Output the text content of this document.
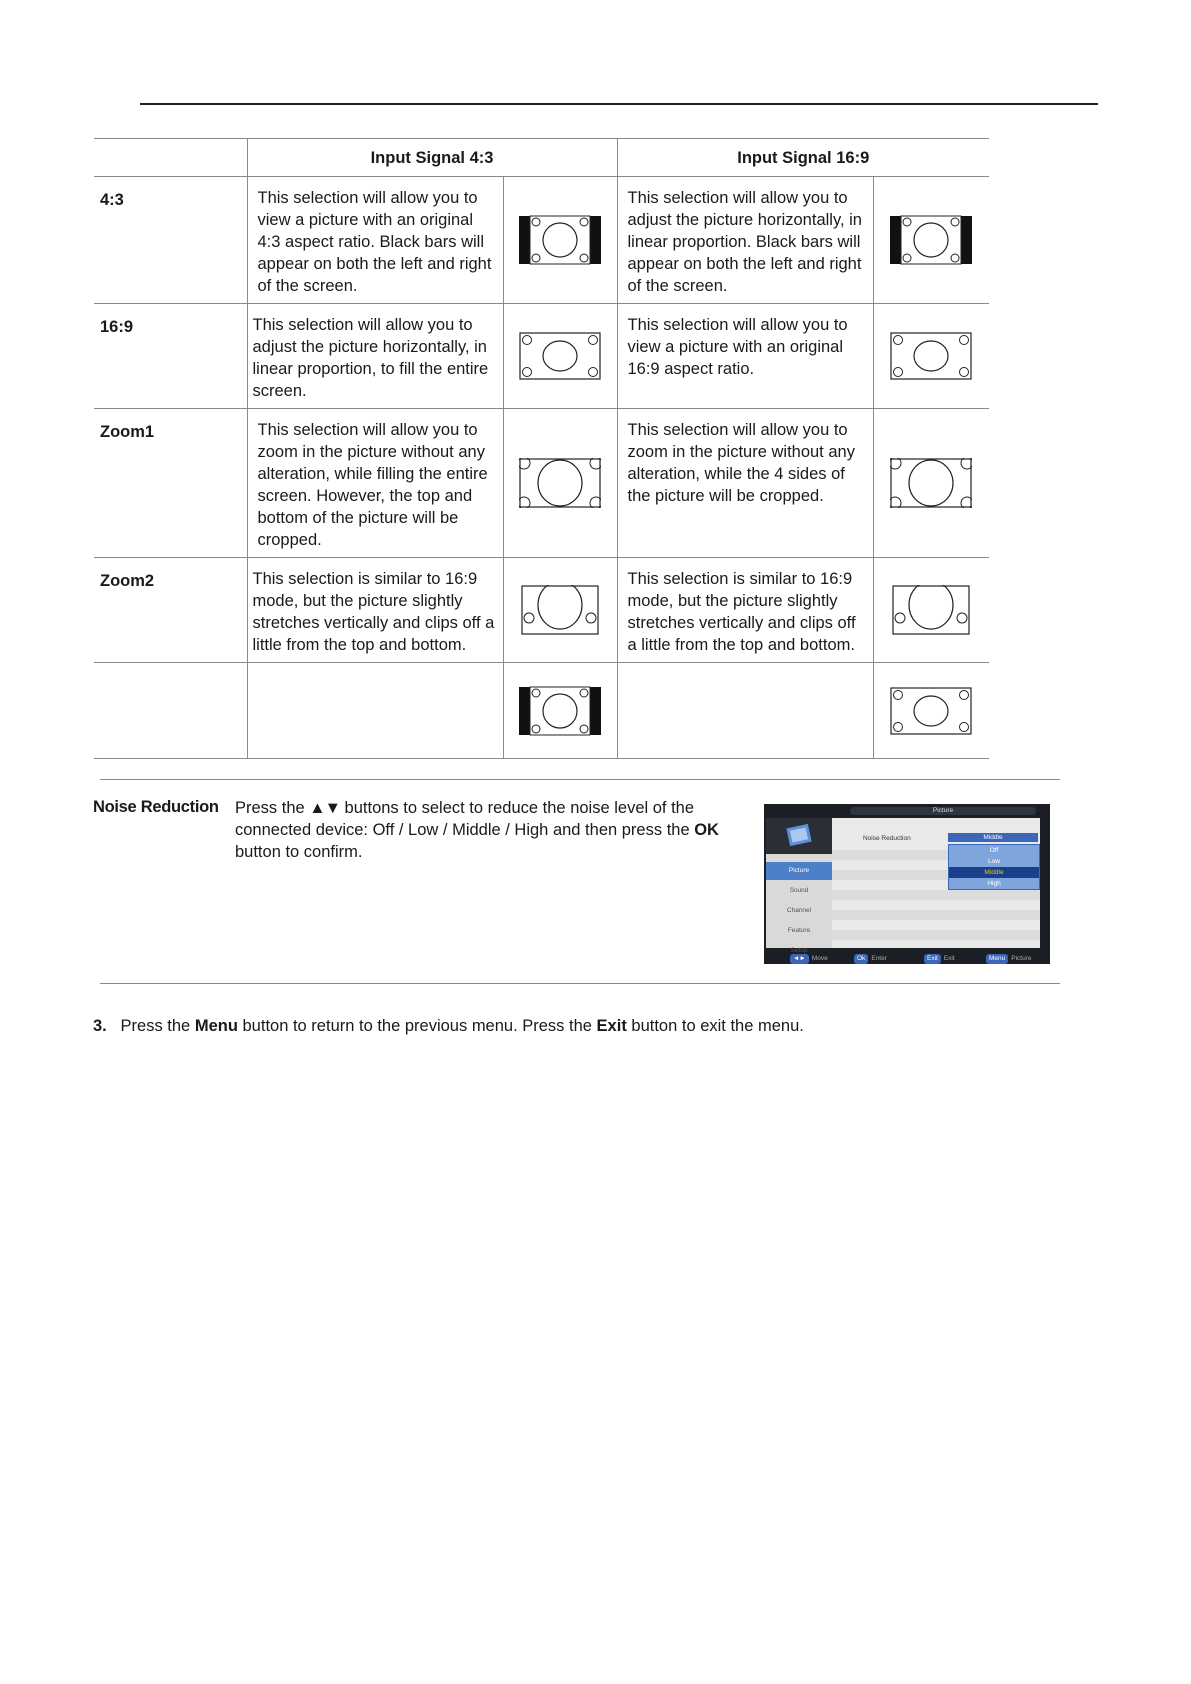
	Input Signal 4:3		Input Signal 16:9	
4:3	This selection will allow you to view a picture with an original 4:3 aspect ratio. Black bars will appear on both the left and right of the screen.		This selection will allow you to adjust the picture horizontally, in linear proportion. Black bars will appear on both the left and right of the screen.	

16:9	This selection will allow you to adjust the picture horizontally, in linear proportion, to fill the entire screen.		This selection will allow you to view a picture with an original 16:9 aspect ratio.	

Zoom1	This selection will allow you to zoom in the picture without any alteration, while filling the entire screen. However, the top and bottom of the picture will be cropped.		This selection will allow you to zoom in the picture without any alteration, while the 4 sides of the picture will be cropped.	

Zoom2	This selection is similar to 16:9 mode, but the picture slightly stretches vertically and clips off a little from the top and bottom.		This selection is similar to 16:9 mode, but the picture slightly stretches vertically and clips off a little from the top and bottom.	

Noise Reduction Press the ▲▼ buttons to select to reduce the noise level of the connected device: Off / Low / Middle / High and then press the OK button to confirm.
Picture
Picture
Sound
Channel
Feature
Setup
Noise Reduction	Middle
Off
Low
Middle
High
◄► Move	Ok Enter	Exit Exit	Menu Picture
3. Press the Menu button to return to the previous menu. Press the Exit button to exit the menu.
